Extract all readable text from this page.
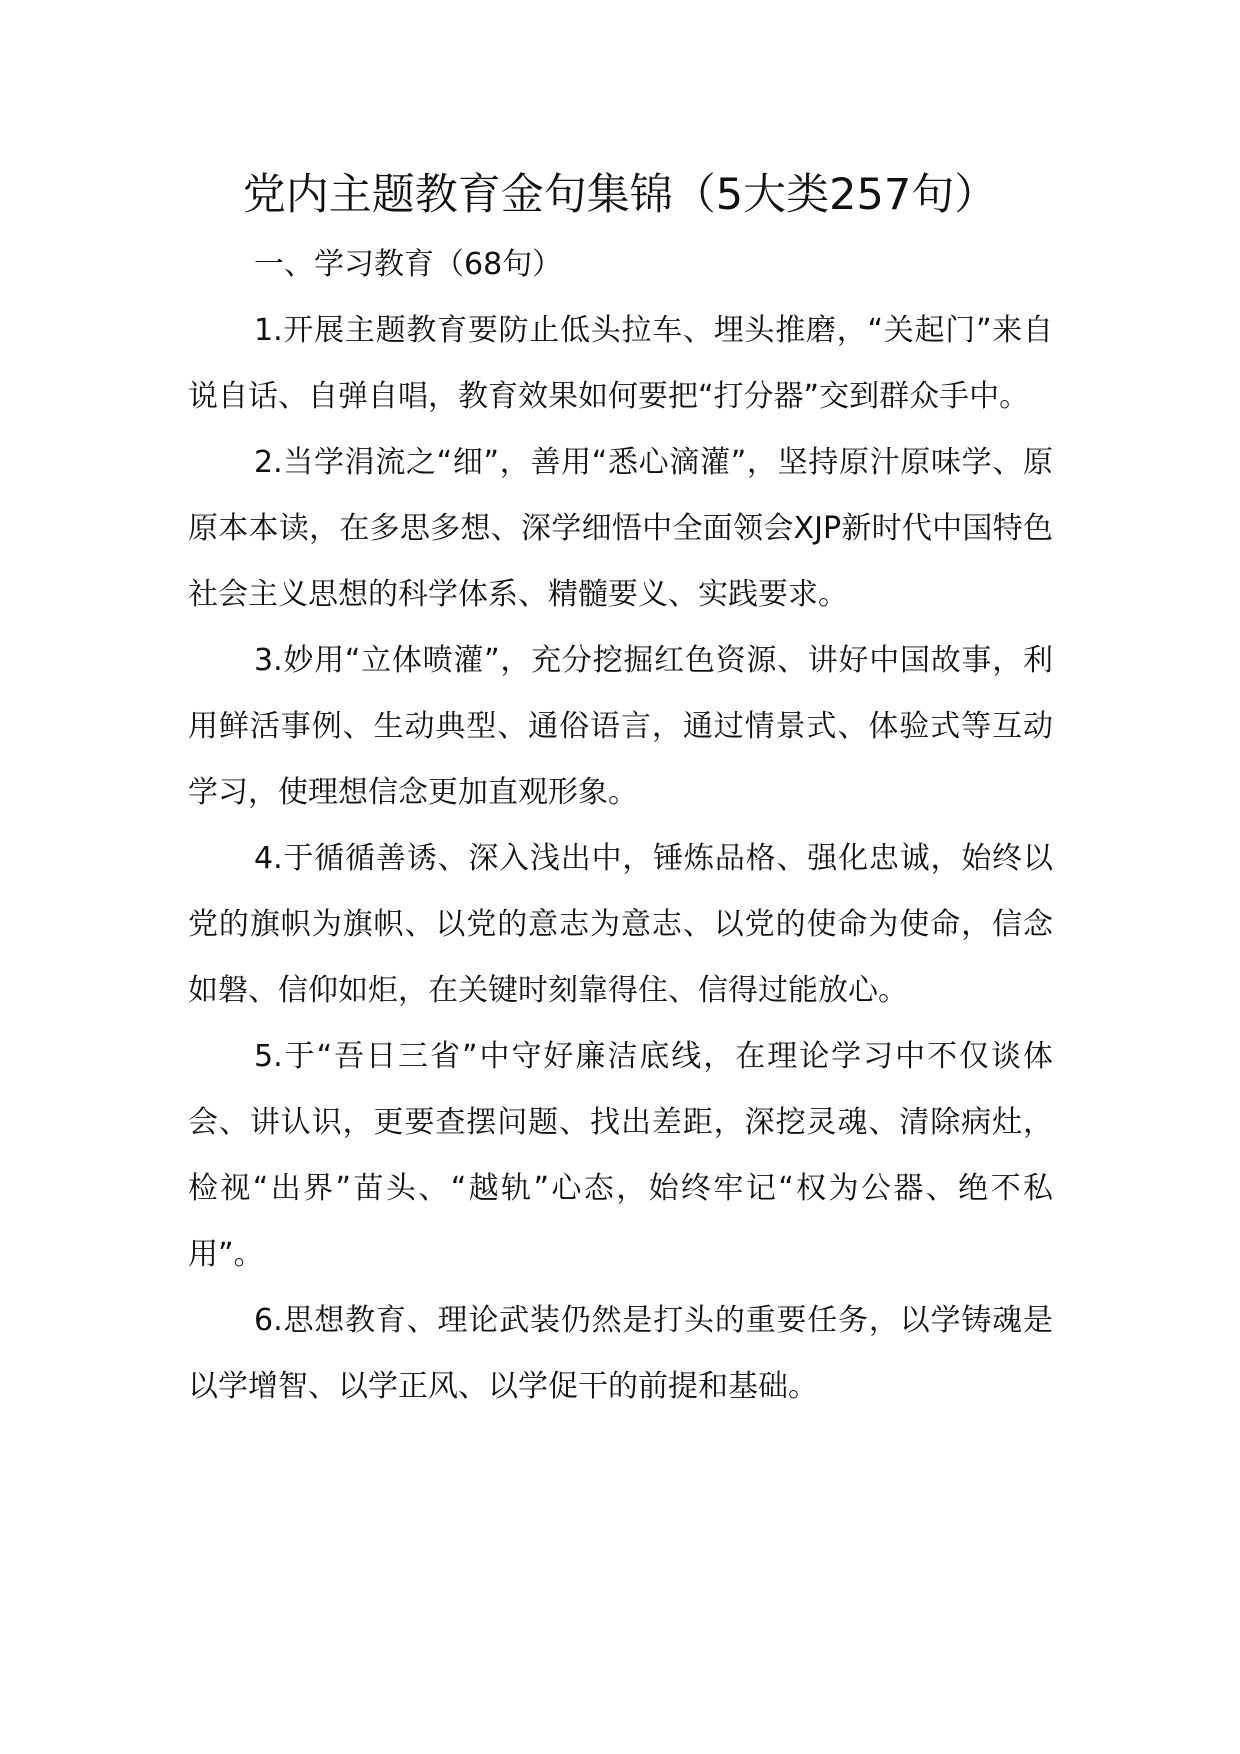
党内主题教育金句集锦（5大类257句）

一、学习教育（68句）

1.开展主题教育要防止低头拉车、埋头推磨，“关起门”来自说自话、自弹自唱，教育效果如何要把“打分器”交到群众手中。

2.当学涓流之“细”，善用“悉心滴灌”，坚持原汁原味学、原原本本读，在多思多想、深学细悟中全面领会XJP新时代中国特色社会主义思想的科学体系、精髓要义、实践要求。

3.妙用“立体喷灌”，充分挖掘红色资源、讲好中国故事，利用鲜活事例、生动典型、通俗语言，通过情景式、体验式等互动学习，使理想信念更加直观形象。

4.于循循善诱、深入浅出中，锤炼品格、强化忠诚，始终以党的旗帜为旗帜、以党的意志为意志、以党的使命为使命，信念如磐、信仰如炬，在关键时刻靠得住、信得过能放心。

5.于“吾日三省”中守好廉洁底线，在理论学习中不仅谈体会、讲认识，更要查摆问题、找出差距，深挖灵魂、清除病灶，检视“出界”苗头、“越轨”心态，始终牢记“权为公器、绝不私用”。

6.思想教育、理论武装仍然是打头的重要任务，以学铸魂是以学增智、以学正风、以学促干的前提和基础。
